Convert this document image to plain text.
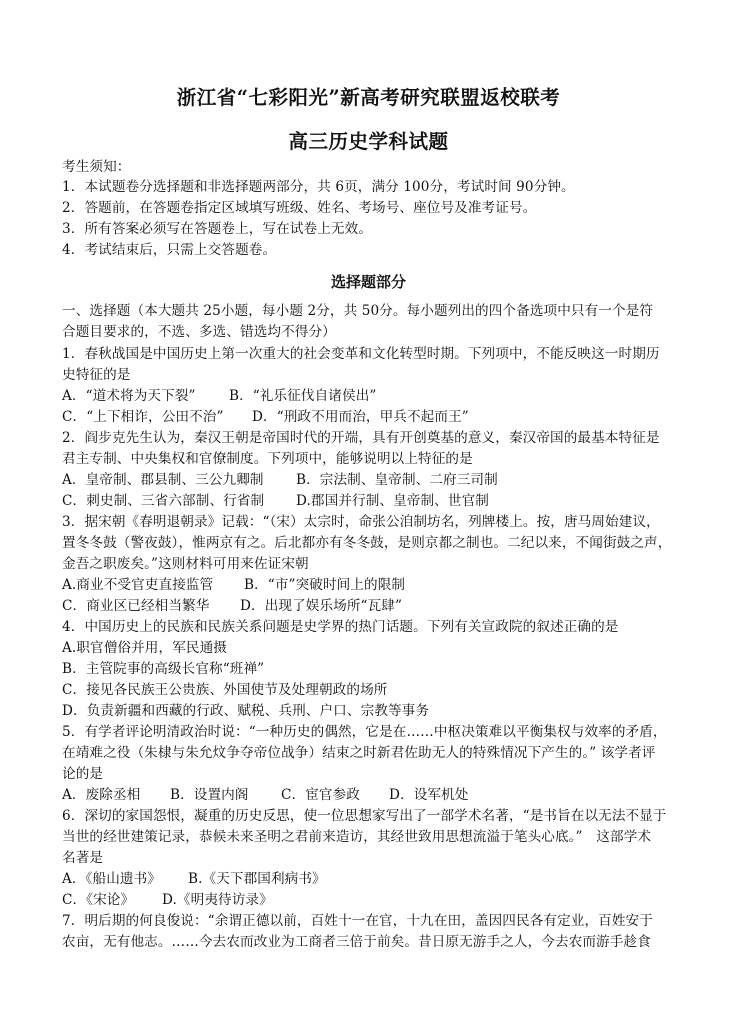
浙江省“七彩阳光”新高考研究联盟返校联考
高三历史学科试题
考生须知：
1．本试题卷分选择题和非选择题两部分，共 6页，满分 100分，考试时间 90分钟。
2．答题前，在答题卷指定区域填写班级、姓名、考场号、座位号及准考证号。
3．所有答案必须写在答题卷上，写在试卷上无效。
4．考试结束后，只需上交答题卷。
选择题部分
一、选择题（本大题共 25小题，每小题 2分，共 50分。每小题列出的四个备选项中只有一个是符
合题目要求的，不选、多选、错选均不得分）
1．春秋战国是中国历史上第一次重大的社会变革和文化转型时期。下列项中，不能反映这一时期历
史特征的是
A．“道术将为天下裂” B．“礼乐征伐自诸侯出”
C．“上下相诈，公田不治” D．“刑政不用而治，甲兵不起而王”
2．阎步克先生认为，秦汉王朝是帝国时代的开端，具有开创奠基的意义，秦汉帝国的最基本特征是
君主专制、中央集权和官僚制度。下列项中，能够说明以上特征的是
A．皇帝制、郡县制、三公九卿制 B．宗法制、皇帝制、二府三司制
C．刺史制、三省六部制、行省制 D.郡国并行制、皇帝制、世官制
3．据宋朝《春明退朝录》记载：“（宋）太宗时，命张公洎制坊名，列牌楼上。按，唐马周始建议，
置冬冬鼓（警夜鼓），惟两京有之。后北都亦有冬冬鼓，是则京都之制也。二纪以来，不闻街鼓之声，
金吾之职废矣。”这则材料可用来佐证宋朝
A.商业不受官吏直接监管 B．“市”突破时间上的限制
C．商业区已经相当繁华 D．出现了娱乐场所“瓦肆”
4．中国历史上的民族和民族关系问题是史学界的热门话题。下列有关宣政院的叙述正确的是
A.职官僧俗并用，军民通摄
B．主管院事的高级长官称“班禅”
C．接见各民族王公贵族、外国使节及处理朝政的场所
D．负责新疆和西藏的行政、赋税、兵刑、户口、宗教等事务
5．有学者评论明清政治时说：“一种历史的偶然，它是在……中枢决策难以平衡集权与效率的矛盾，
在靖难之役（朱棣与朱允炆争夺帝位战争）结束之时新君佐助无人的特殊情况下产生的。” 该学者评
论的是
A．废除丞相 B．设置内阁 C．宦官参政 D．设军机处
6．深切的家国怨恨，凝重的历史反思，使一位思想家写出了一部学术名著，“是书旨在以无法不显于
当世的经世建策记录，恭候未来圣明之君前来造访，其经世致用思想流溢于笔头心底。”　这部学术
名著是
A．《船山遗书》 B.《天下郡国利病书》
C．《宋论》 D.《明夷待访录》
7．明后期的何良俊说：“余谓正德以前，百姓十一在官，十九在田，盖因四民各有定业，百姓安于
农亩，无有他志。……今去农而改业为工商者三倍于前矣。昔日原无游手之人，今去农而游手趁食
